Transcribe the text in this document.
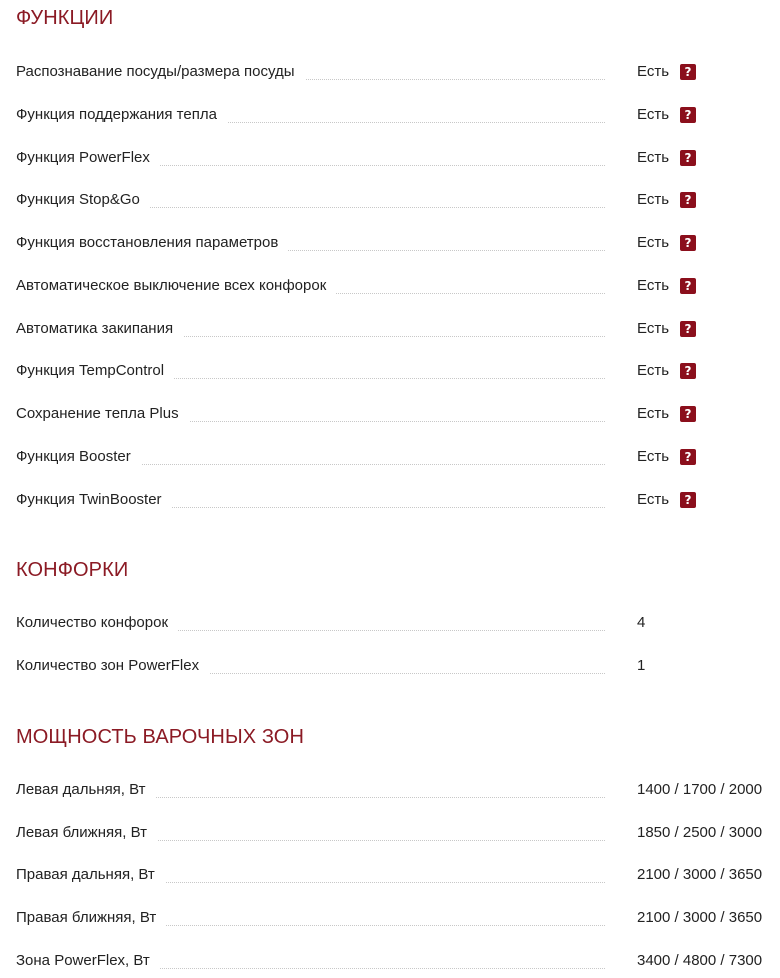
ФУНКЦИИ
Распознавание посуды/размера посуды	Есть	?
Функция поддержания тепла	Есть	?
Функция PowerFlex	Есть	?
Функция Stop&Go	Есть	?
Функция восстановления параметров	Есть	?
Автоматическое выключение всех конфорок	Есть	?
Автоматика закипания	Есть	?
Функция TempControl	Есть	?
Сохранение тепла Plus	Есть	?
Функция Booster	Есть	?
Функция TwinBooster	Есть	?
КОНФОРКИ
Количество конфорок	4
Количество зон PowerFlex	1
МОЩНОСТЬ ВАРОЧНЫХ ЗОН
Левая дальняя, Вт	1400 / 1700 / 2000
Левая ближняя, Вт	1850 / 2500 / 3000
Правая дальняя, Вт	2100 / 3000 / 3650
Правая ближняя, Вт	2100 / 3000 / 3650
Зона PowerFlex, Вт	3400 / 4800 / 7300
